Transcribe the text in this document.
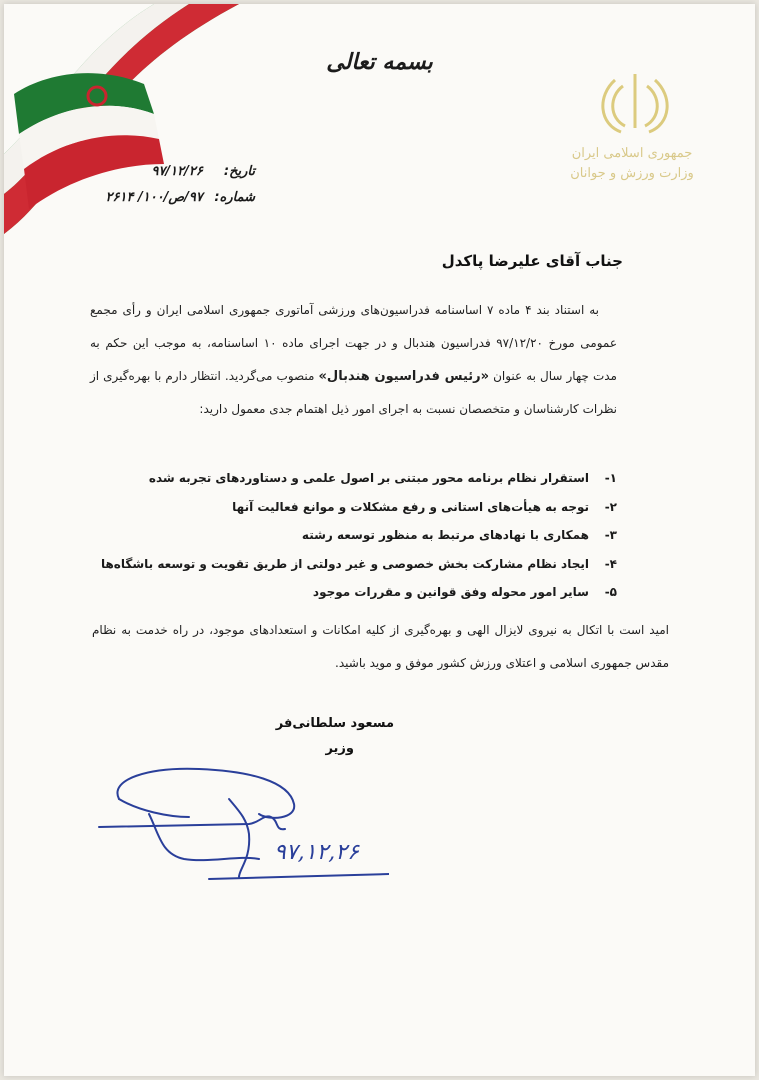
جمهوری اسلامی ایران
وزارت ورزش و جوانان
بسمه تعالی
تاریخ: ۹۷/۱۲/۲۶
شماره: ۹۷/ص/۱۰۰/ ۲۶۱۴
جناب آقای علیرضا پاکدل

به استناد بند ۴ ماده ۷ اساسنامه فدراسیون‌های ورزشی آماتوری جمهوری اسلامی ایران و رأی مجمع عمومی مورخ ۹۷/۱۲/۲۰ فدراسیون هندبال و در جهت اجرای ماده ۱۰ اساسنامه، به موجب این حکم به مدت چهار سال به عنوان «رئیس فدراسیون هندبال» منصوب می‌گردید. انتظار دارم با بهره‌گیری از نظرات کارشناسان و متخصصان نسبت به اجرای امور ذیل اهتمام جدی معمول دارید:

۱-استقرار نظام برنامه محور مبتنی بر اصول علمی و دستاوردهای تجربه شده
۲-توجه به هیأت‌های استانی و رفع مشکلات و موانع فعالیت آنها
۳-همکاری با نهادهای مرتبط به منظور توسعه رشته
۴-ایجاد نظام مشارکت بخش خصوصی و غیر دولتی از طریق تقویت و توسعه باشگاه‌ها
۵-سایر امور محوله وفق قوانین و مقررات موجود

امید است با اتکال به نیروی لایزال الهی و بهره‌گیری از کلیه امکانات و استعدادهای موجود، در راه خدمت به نظام مقدس جمهوری اسلامی و اعتلای ورزش کشور موفق و موید باشید.

مسعود سلطانی‌فر
وزیر
۹۷,۱۲,۲۶
